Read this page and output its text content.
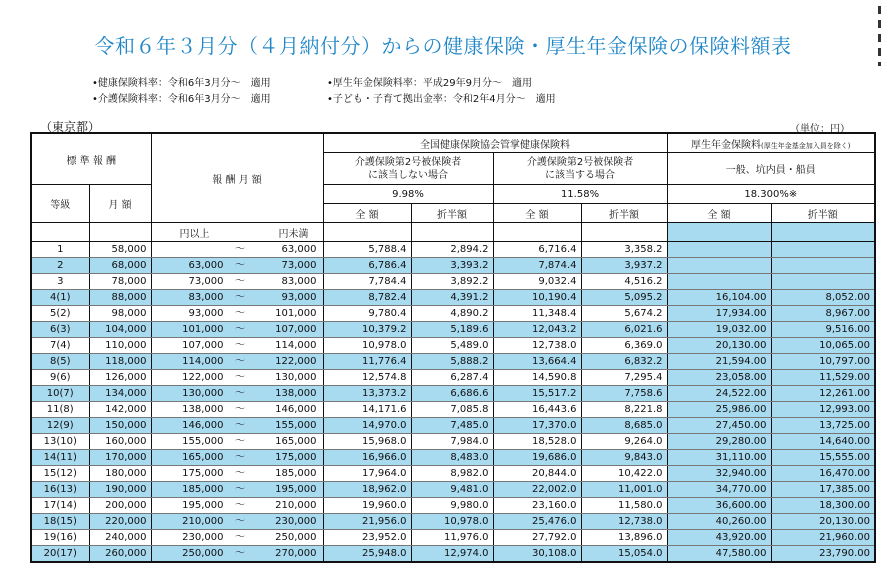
令和６年３月分（４月納付分）からの健康保険・厚生年金保険の保険料額表
•健康保険料率：令和6年3月分～　適用	•厚生年金保険料率：平成29年9月分～　適用
•介護保険料率：令和6年3月分～　適用	•子ども・子育て拠出金率：令和2年4月分～　適用
（東京都）	（単位：円）
標 準 報 酬		報 酬 月 額	全国健康保険協会管掌健康保険料				厚生年金保険料(厚生年金基金加入員を除く)	
			介護保険第2号被保険者
に該当しない場合		介護保険第2号被保険者
に該当する場合		一般、坑内員・船員	
等級	月 額		9.98%		11.58%		18.300%※	
			全 額	折半額	全 額	折半額	全 額	折半額

		円以上 円未満						

1	58,000	～ 63,000	5,788.4	2,894.2	6,716.4	3,358.2		
2	68,000	63,000 ～ 73,000	6,786.4	3,393.2	7,874.4	3,937.2		
3	78,000	73,000 ～ 83,000	7,784.4	3,892.2	9,032.4	4,516.2		
4(1)	88,000	83,000 ～ 93,000	8,782.4	4,391.2	10,190.4	5,095.2	16,104.00	8,052.00
5(2)	98,000	93,000 ～ 101,000	9,780.4	4,890.2	11,348.4	5,674.2	17,934.00	8,967.00
6(3)	104,000	101,000 ～ 107,000	10,379.2	5,189.6	12,043.2	6,021.6	19,032.00	9,516.00
7(4)	110,000	107,000 ～ 114,000	10,978.0	5,489.0	12,738.0	6,369.0	20,130.00	10,065.00
8(5)	118,000	114,000 ～ 122,000	11,776.4	5,888.2	13,664.4	6,832.2	21,594.00	10,797.00
9(6)	126,000	122,000 ～ 130,000	12,574.8	6,287.4	14,590.8	7,295.4	23,058.00	11,529.00
10(7)	134,000	130,000 ～ 138,000	13,373.2	6,686.6	15,517.2	7,758.6	24,522.00	12,261.00
11(8)	142,000	138,000 ～ 146,000	14,171.6	7,085.8	16,443.6	8,221.8	25,986.00	12,993.00
12(9)	150,000	146,000 ～ 155,000	14,970.0	7,485.0	17,370.0	8,685.0	27,450.00	13,725.00
13(10)	160,000	155,000 ～ 165,000	15,968.0	7,984.0	18,528.0	9,264.0	29,280.00	14,640.00
14(11)	170,000	165,000 ～ 175,000	16,966.0	8,483.0	19,686.0	9,843.0	31,110.00	15,555.00
15(12)	180,000	175,000 ～ 185,000	17,964.0	8,982.0	20,844.0	10,422.0	32,940.00	16,470.00
16(13)	190,000	185,000 ～ 195,000	18,962.0	9,481.0	22,002.0	11,001.0	34,770.00	17,385.00
17(14)	200,000	195,000 ～ 210,000	19,960.0	9,980.0	23,160.0	11,580.0	36,600.00	18,300.00
18(15)	220,000	210,000 ～ 230,000	21,956.0	10,978.0	25,476.0	12,738.0	40,260.00	20,130.00
19(16)	240,000	230,000 ～ 250,000	23,952.0	11,976.0	27,792.0	13,896.0	43,920.00	21,960.00
20(17)	260,000	250,000 ～ 270,000	25,948.0	12,974.0	30,108.0	15,054.0	47,580.00	23,790.00
